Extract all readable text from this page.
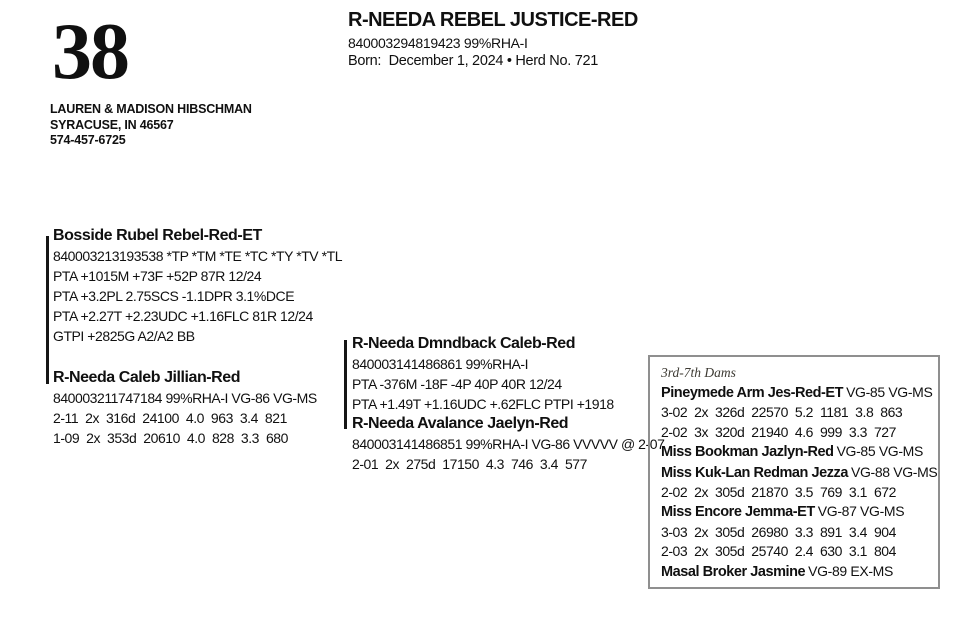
38
LAUREN & MADISON HIBSCHMAN
SYRACUSE, IN 46567
574-457-6725
R-NEEDA REBEL JUSTICE-RED
840003294819423 99%RHA-I
Born:  December 1, 2024 • Herd No. 721
Bosside Rubel Rebel-Red-ET
840003213193538 *TP *TM *TE *TC *TY *TV *TL
PTA +1015M +73F +52P 87R 12/24
PTA +3.2PL 2.75SCS -1.1DPR 3.1%DCE
PTA +2.27T +2.23UDC +1.16FLC 81R 12/24
GTPI +2825G A2/A2 BB
R-Needa Caleb Jillian-Red
840003211747184 99%RHA-I VG-86 VG-MS
2-11 2x 316d 24100 4.0 963 3.4 821
1-09 2x 353d 20610 4.0 828 3.3 680
R-Needa Dmndback Caleb-Red
840003141486861 99%RHA-I
PTA -376M -18F -4P 40P 40R 12/24
PTA +1.49T +1.16UDC +.62FLC PTPI +1918
R-Needa Avalance Jaelyn-Red
840003141486851 99%RHA-I VG-86 VVVVV @ 2-07
2-01 2x 275d 17150 4.3 746 3.4 577
3rd-7th Dams
Pineymede Arm Jes-Red-ET VG-85 VG-MS
3-02 2x 326d 22570 5.2 1181 3.8 863
2-02 3x 320d 21940 4.6 999 3.3 727
Miss Bookman Jazlyn-Red VG-85 VG-MS
Miss Kuk-Lan Redman Jezza VG-88 VG-MS
2-02 2x 305d 21870 3.5 769 3.1 672
Miss Encore Jemma-ET VG-87 VG-MS
3-03 2x 305d 26980 3.3 891 3.4 904
2-03 2x 305d 25740 2.4 630 3.1 804
Masal Broker Jasmine VG-89 EX-MS
